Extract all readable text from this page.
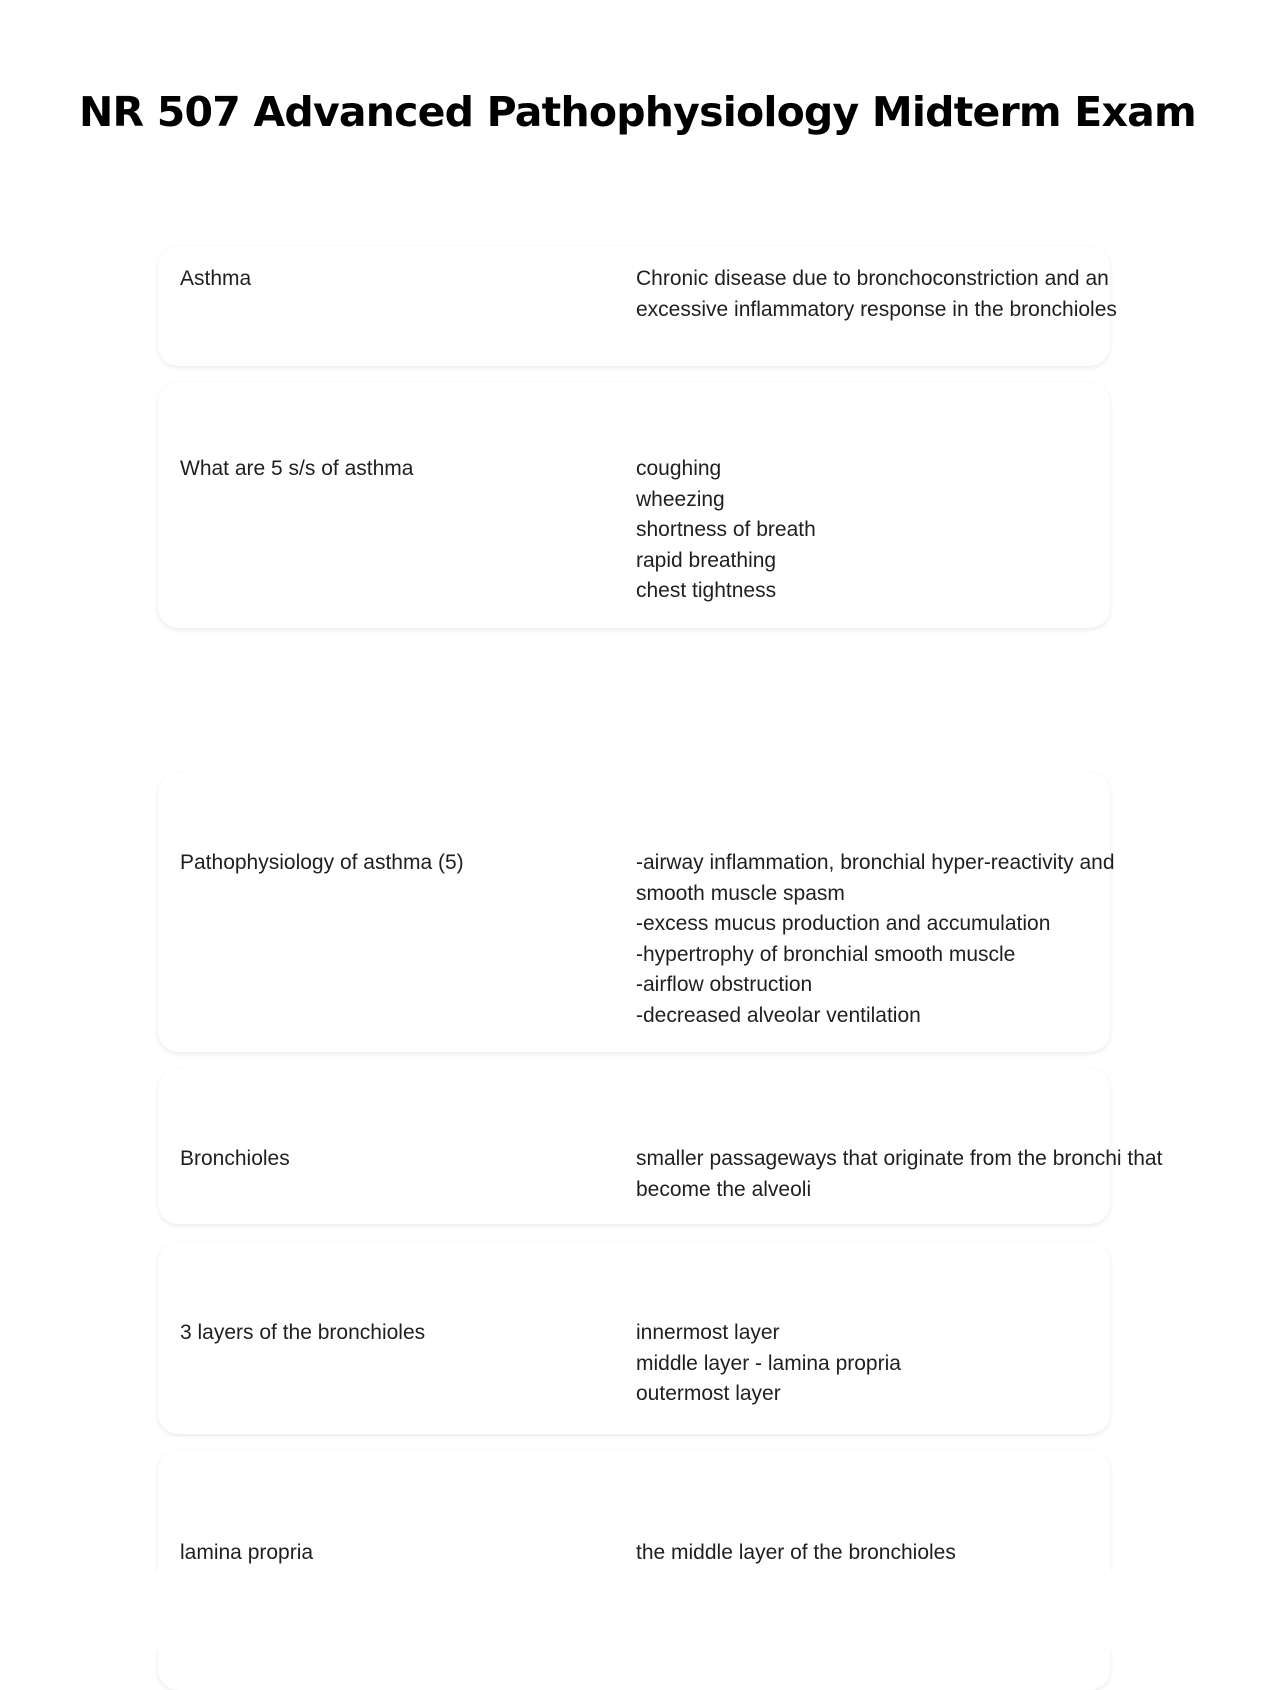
NR 507 Advanced Pathophysiology Midterm Exam
Asthma	Chronic disease due to bronchoconstriction and an
excessive inflammatory response in the bronchioles
What are 5 s/s of asthma	coughing
wheezing
shortness of breath
rapid breathing
chest tightness
Pathophysiology of asthma (5)	-airway inflammation, bronchial hyper-reactivity and
smooth muscle spasm
-excess mucus production and accumulation
-hypertrophy of bronchial smooth muscle
-airflow obstruction
-decreased alveolar ventilation
Bronchioles	smaller passageways that originate from the bronchi that
become the alveoli
3 layers of the bronchioles	innermost layer
middle layer - lamina propria
outermost layer
lamina propria	the middle layer of the bronchioles
